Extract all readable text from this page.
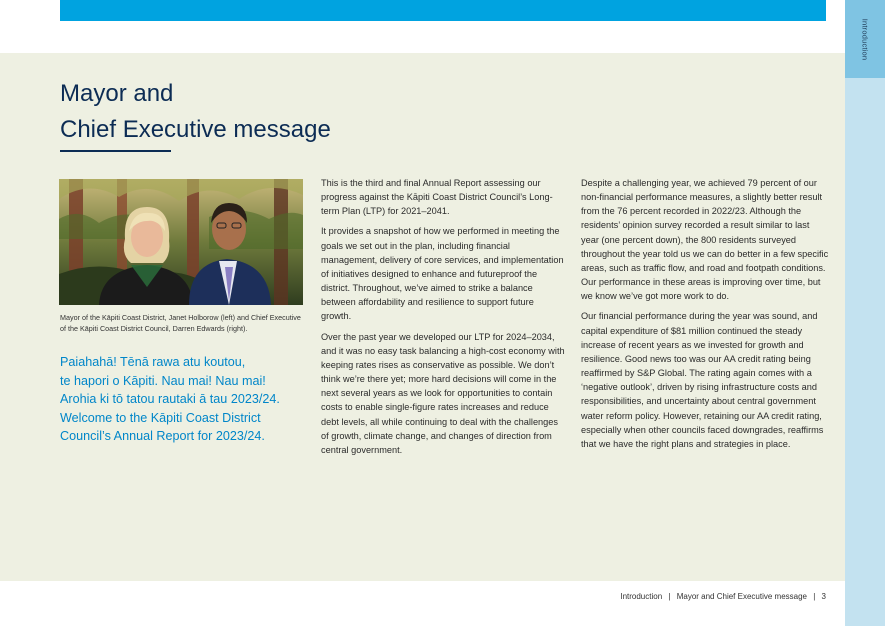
Introduction
Mayor and
Chief Executive message
Mayor of the Kāpiti Coast District, Janet Holborow (left) and Chief Executive of the Kāpiti Coast District Council, Darren Edwards (right).
Paiahahā! Tēnā rawa atu koutou,
te hapori o Kāpiti. Nau mai! Nau mai!
Arohia ki tō tatou rautaki ā tau 2023/24.
Welcome to the Kāpiti Coast District
Council’s Annual Report for 2023/24.

This is the third and final Annual Report assessing our progress against the Kāpiti Coast District Council’s Long-term Plan (LTP) for 2021–2041.

It provides a snapshot of how we performed in meeting the goals we set out in the plan, including financial management, delivery of core services, and implementation of initiatives designed to enhance and futureproof the district. Throughout, we’ve aimed to strike a balance between affordability and resilience to support future growth.

Over the past year we developed our LTP for 2024–2034, and it was no easy task balancing a high-cost economy with keeping rates rises as conservative as possible. We don’t think we’re there yet; more hard decisions will come in the next several years as we look for opportunities to contain costs to enable single-figure rates increases and reduce debt levels, all while continuing to deal with the challenges of growth, climate change, and changes of direction from central government.

Despite a challenging year, we achieved 79 percent of our non-financial performance measures, a slightly better result from the 76 percent recorded in 2022/23. Although the residents’ opinion survey recorded a result similar to last year (one percent down), the 800 residents surveyed throughout the year told us we can do better in a few specific areas, such as traffic flow, and road and footpath conditions. Our performance in these areas is improving over time, but we know we’ve got more work to do.

Our financial performance during the year was sound, and capital expenditure of $81 million continued the steady increase of recent years as we invested for growth and resilience. Good news too was our AA credit rating being reaffirmed by S&P Global. The rating again comes with a ‘negative outlook’, driven by rising infrastructure costs and responsibilities, and uncertainty about central government water reform policy. However, retaining our AA credit rating, especially when other councils faced downgrades, reaffirms that we have the right plans and strategies in place.

Introduction | Mayor and Chief Executive message | 3
